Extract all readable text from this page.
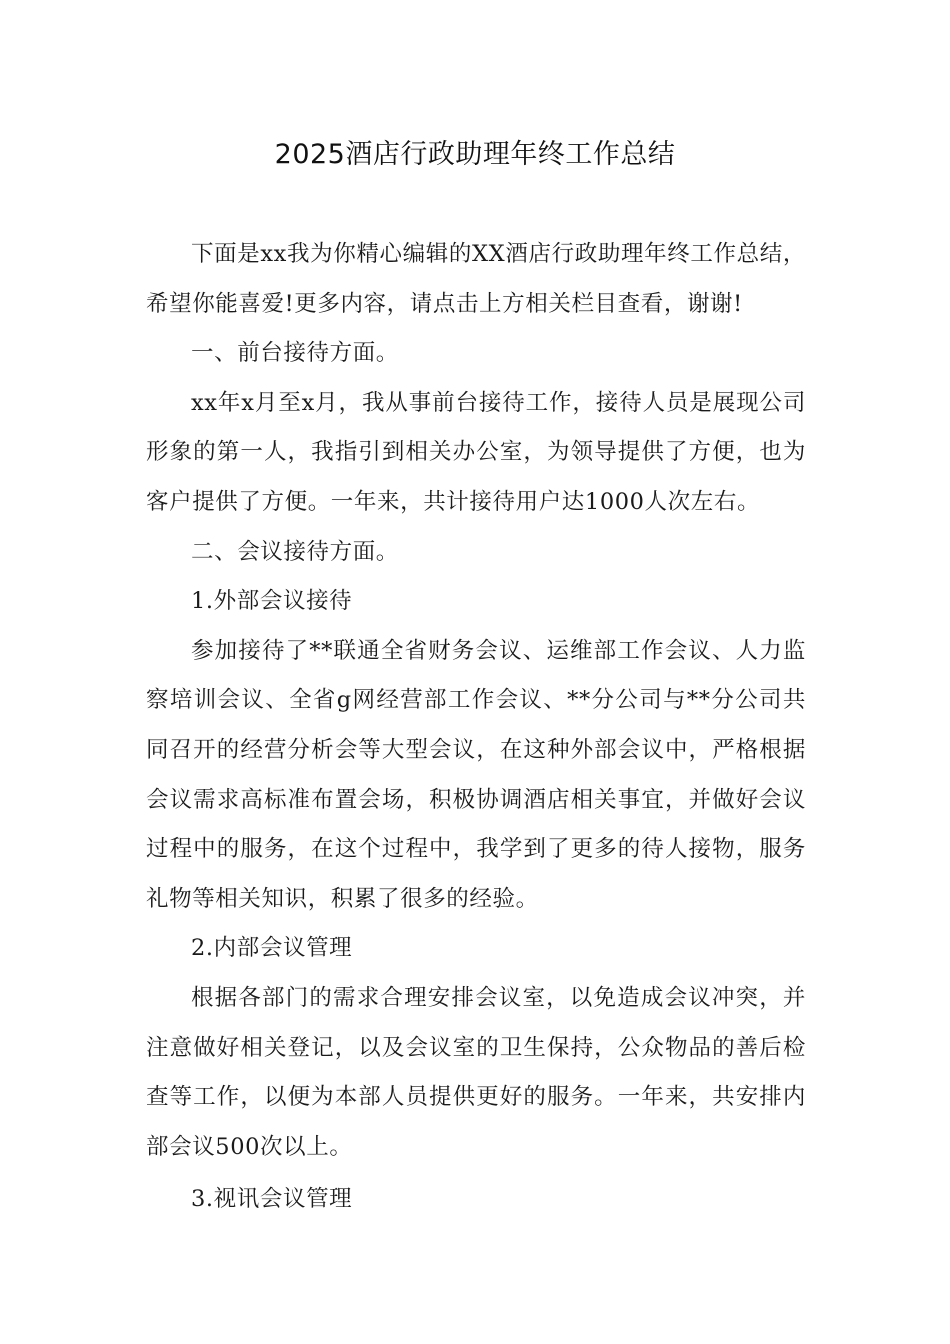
2025酒店行政助理年终工作总结

下面是xx我为你精心编辑的XX酒店行政助理年终工作总结，希望你能喜爱!更多内容，请点击上方相关栏目查看，谢谢!

一、前台接待方面。

xx年x月至x月，我从事前台接待工作，接待人员是展现公司形象的第一人，我指引到相关办公室，为领导提供了方便，也为客户提供了方便。一年来，共计接待用户达1000人次左右。

二、会议接待方面。

1.外部会议接待

参加接待了**联通全省财务会议、运维部工作会议、人力监察培训会议、全省g网经营部工作会议、**分公司与**分公司共同召开的经营分析会等大型会议，在这种外部会议中，严格根据会议需求高标准布置会场，积极协调酒店相关事宜，并做好会议过程中的服务，在这个过程中，我学到了更多的待人接物，服务礼物等相关知识，积累了很多的经验。

2.内部会议管理

根据各部门的需求合理安排会议室，以免造成会议冲突，并注意做好相关登记，以及会议室的卫生保持，公众物品的善后检查等工作，以便为本部人员提供更好的服务。一年来，共安排内部会议500次以上。

3.视讯会议管理
